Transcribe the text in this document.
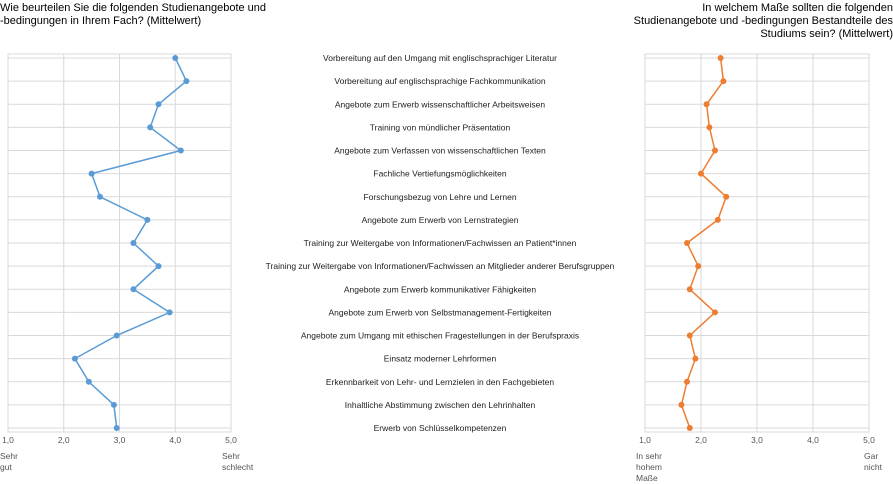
Vorbereitung auf den Umgang mit englischsprachiger Literatur
Vorbereitung auf englischsprachige Fachkommunikation
Angebote zum Erwerb wissenschaftlicher Arbeitsweisen
Training von mündlicher Präsentation
Angebote zum Verfassen von wissenschaftlichen Texten
Fachliche Vertiefungsmöglichkeiten
Forschungsbezug von Lehre und Lernen
Angebote zum Erwerb von Lernstrategien
Training zur Weitergabe von Informationen/Fachwissen an Patient*innen
Training zur Weitergabe von Informationen/Fachwissen an Mitglieder anderer Berufsgruppen
Angebote zum Erwerb kommunikativer Fähigkeiten
Angebote zum Erwerb von Selbstmanagement-Fertigkeiten
Angebote zum Umgang mit ethischen Fragestellungen in der Berufspraxis
Einsatz moderner Lehrformen
Erkennbarkeit von Lehr- und Lernzielen in den Fachgebieten
Inhaltliche Abstimmung zwischen den Lehrinhalten
Erwerb von Schlüsselkompetenzen
Wie beurteilen Sie die folgenden Studienangebote und
-bedingungen in Ihrem Fach? (Mittelwert)
1,0	2,0	3,0	4,0	5,0
Sehr
gut
Sehr
schlecht
In welchem Maße sollten die folgenden
Studienangebote und -bedingungen Bestandteile des
Studiums sein? (Mittelwert)
1,0	2,0	3,0	4,0	5,0
In sehr
hohem
Maße
Gar
nicht
